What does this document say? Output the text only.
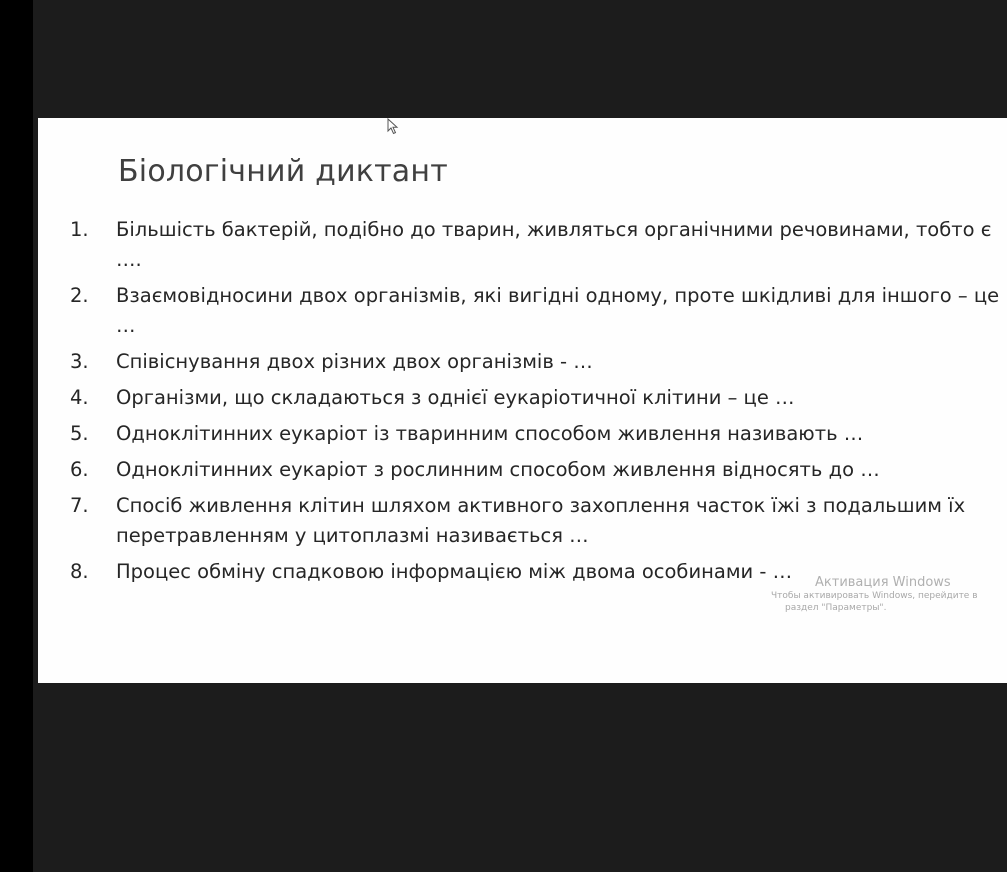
Біологічний диктант
1. Більшість бактерій, подібно до тварин, живляться органічними речовинами, тобто є ….
2. Взаємовідносини двох організмів, які вигідні одному, проте шкідливі для іншого – це …
3. Співіснування двох різних двох організмів - …
4. Організми, що складаються з однієї еукаріотичної клітини – це …
5. Одноклітинних еукаріот із тваринним способом живлення називають …
6. Одноклітинних еукаріот з рослинним способом живлення відносять до …
7. Спосіб живлення клітин шляхом активного захоплення часток їжі з подальшим їх перетравленням у цитоплазмі називається …
8. Процес обміну спадковою інформацією між двома особинами - …	Активация Windows
Чтобы активировать Windows, перейдите в
раздел "Параметры".
